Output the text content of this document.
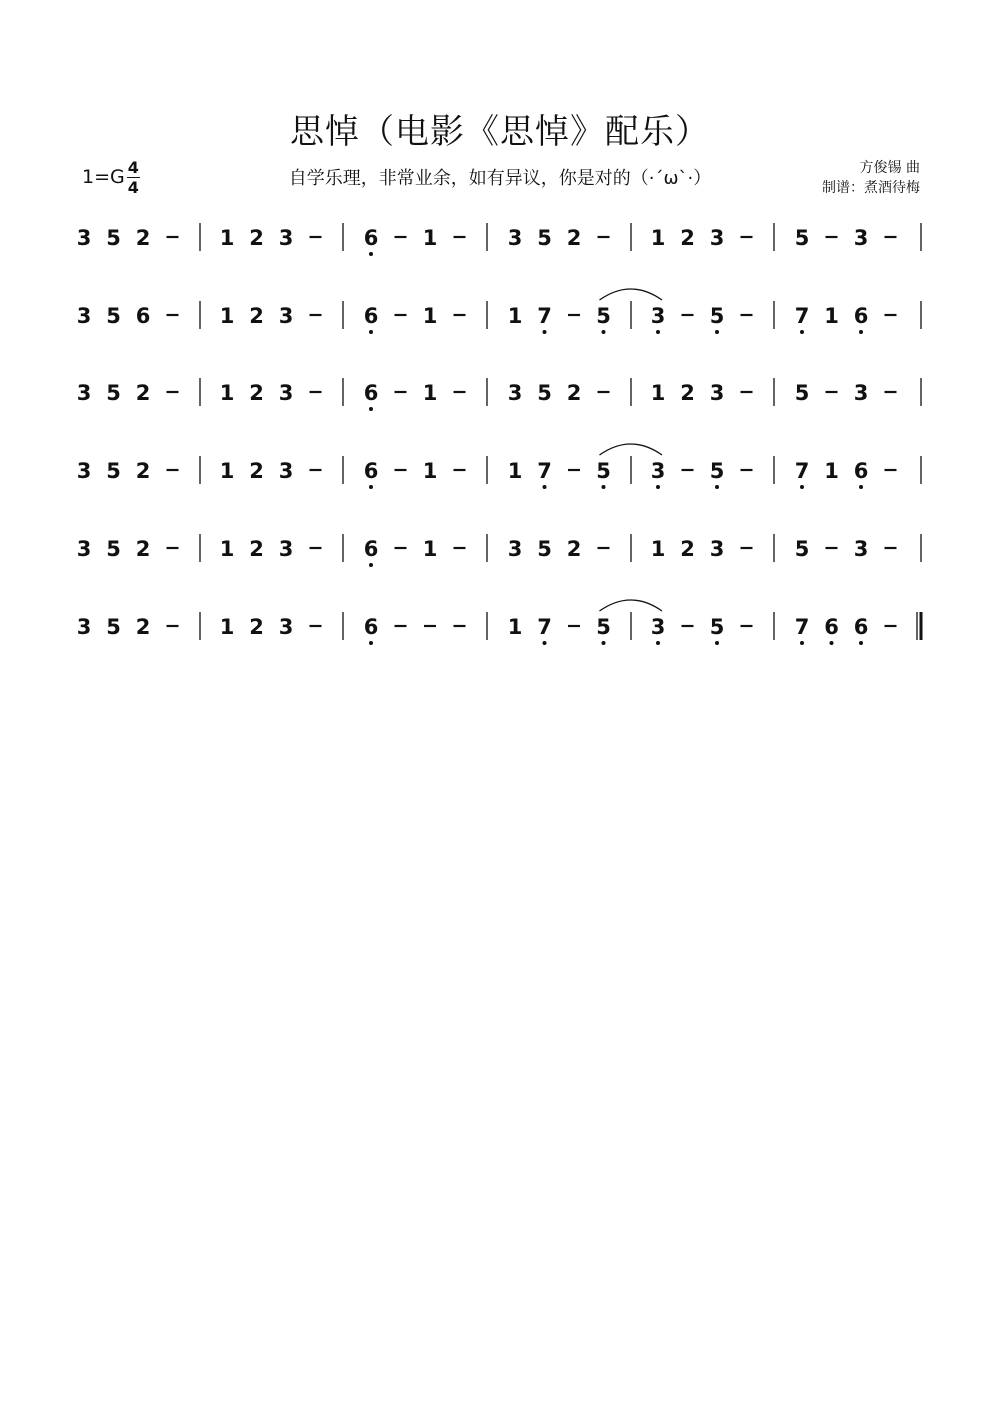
思悼（电影《思悼》配乐）
$1=G \frac{4}{4}$	自学乐理，非常业余，如有异议，你是对的（·´ω`·）	方俊锡 曲
制谱：煮酒待梅
3 5 2	1 2 3	6 1	3 5 2	1 2 3	5 3
3 5 6	1 2 3	6 1	1 7 5 3 5	7 1 6
3 5 2	1 2 3	6 1	3 5 2	1 2 3	5 3
3 5 2	1 2 3	6 1	1 7 5 3 5	7 1 6
3 5 2	1 2 3	6 1	3 5 2	1 2 3	5 3
3 5 2	1 2 3	6	1 7 5 3 5	7 6 6
